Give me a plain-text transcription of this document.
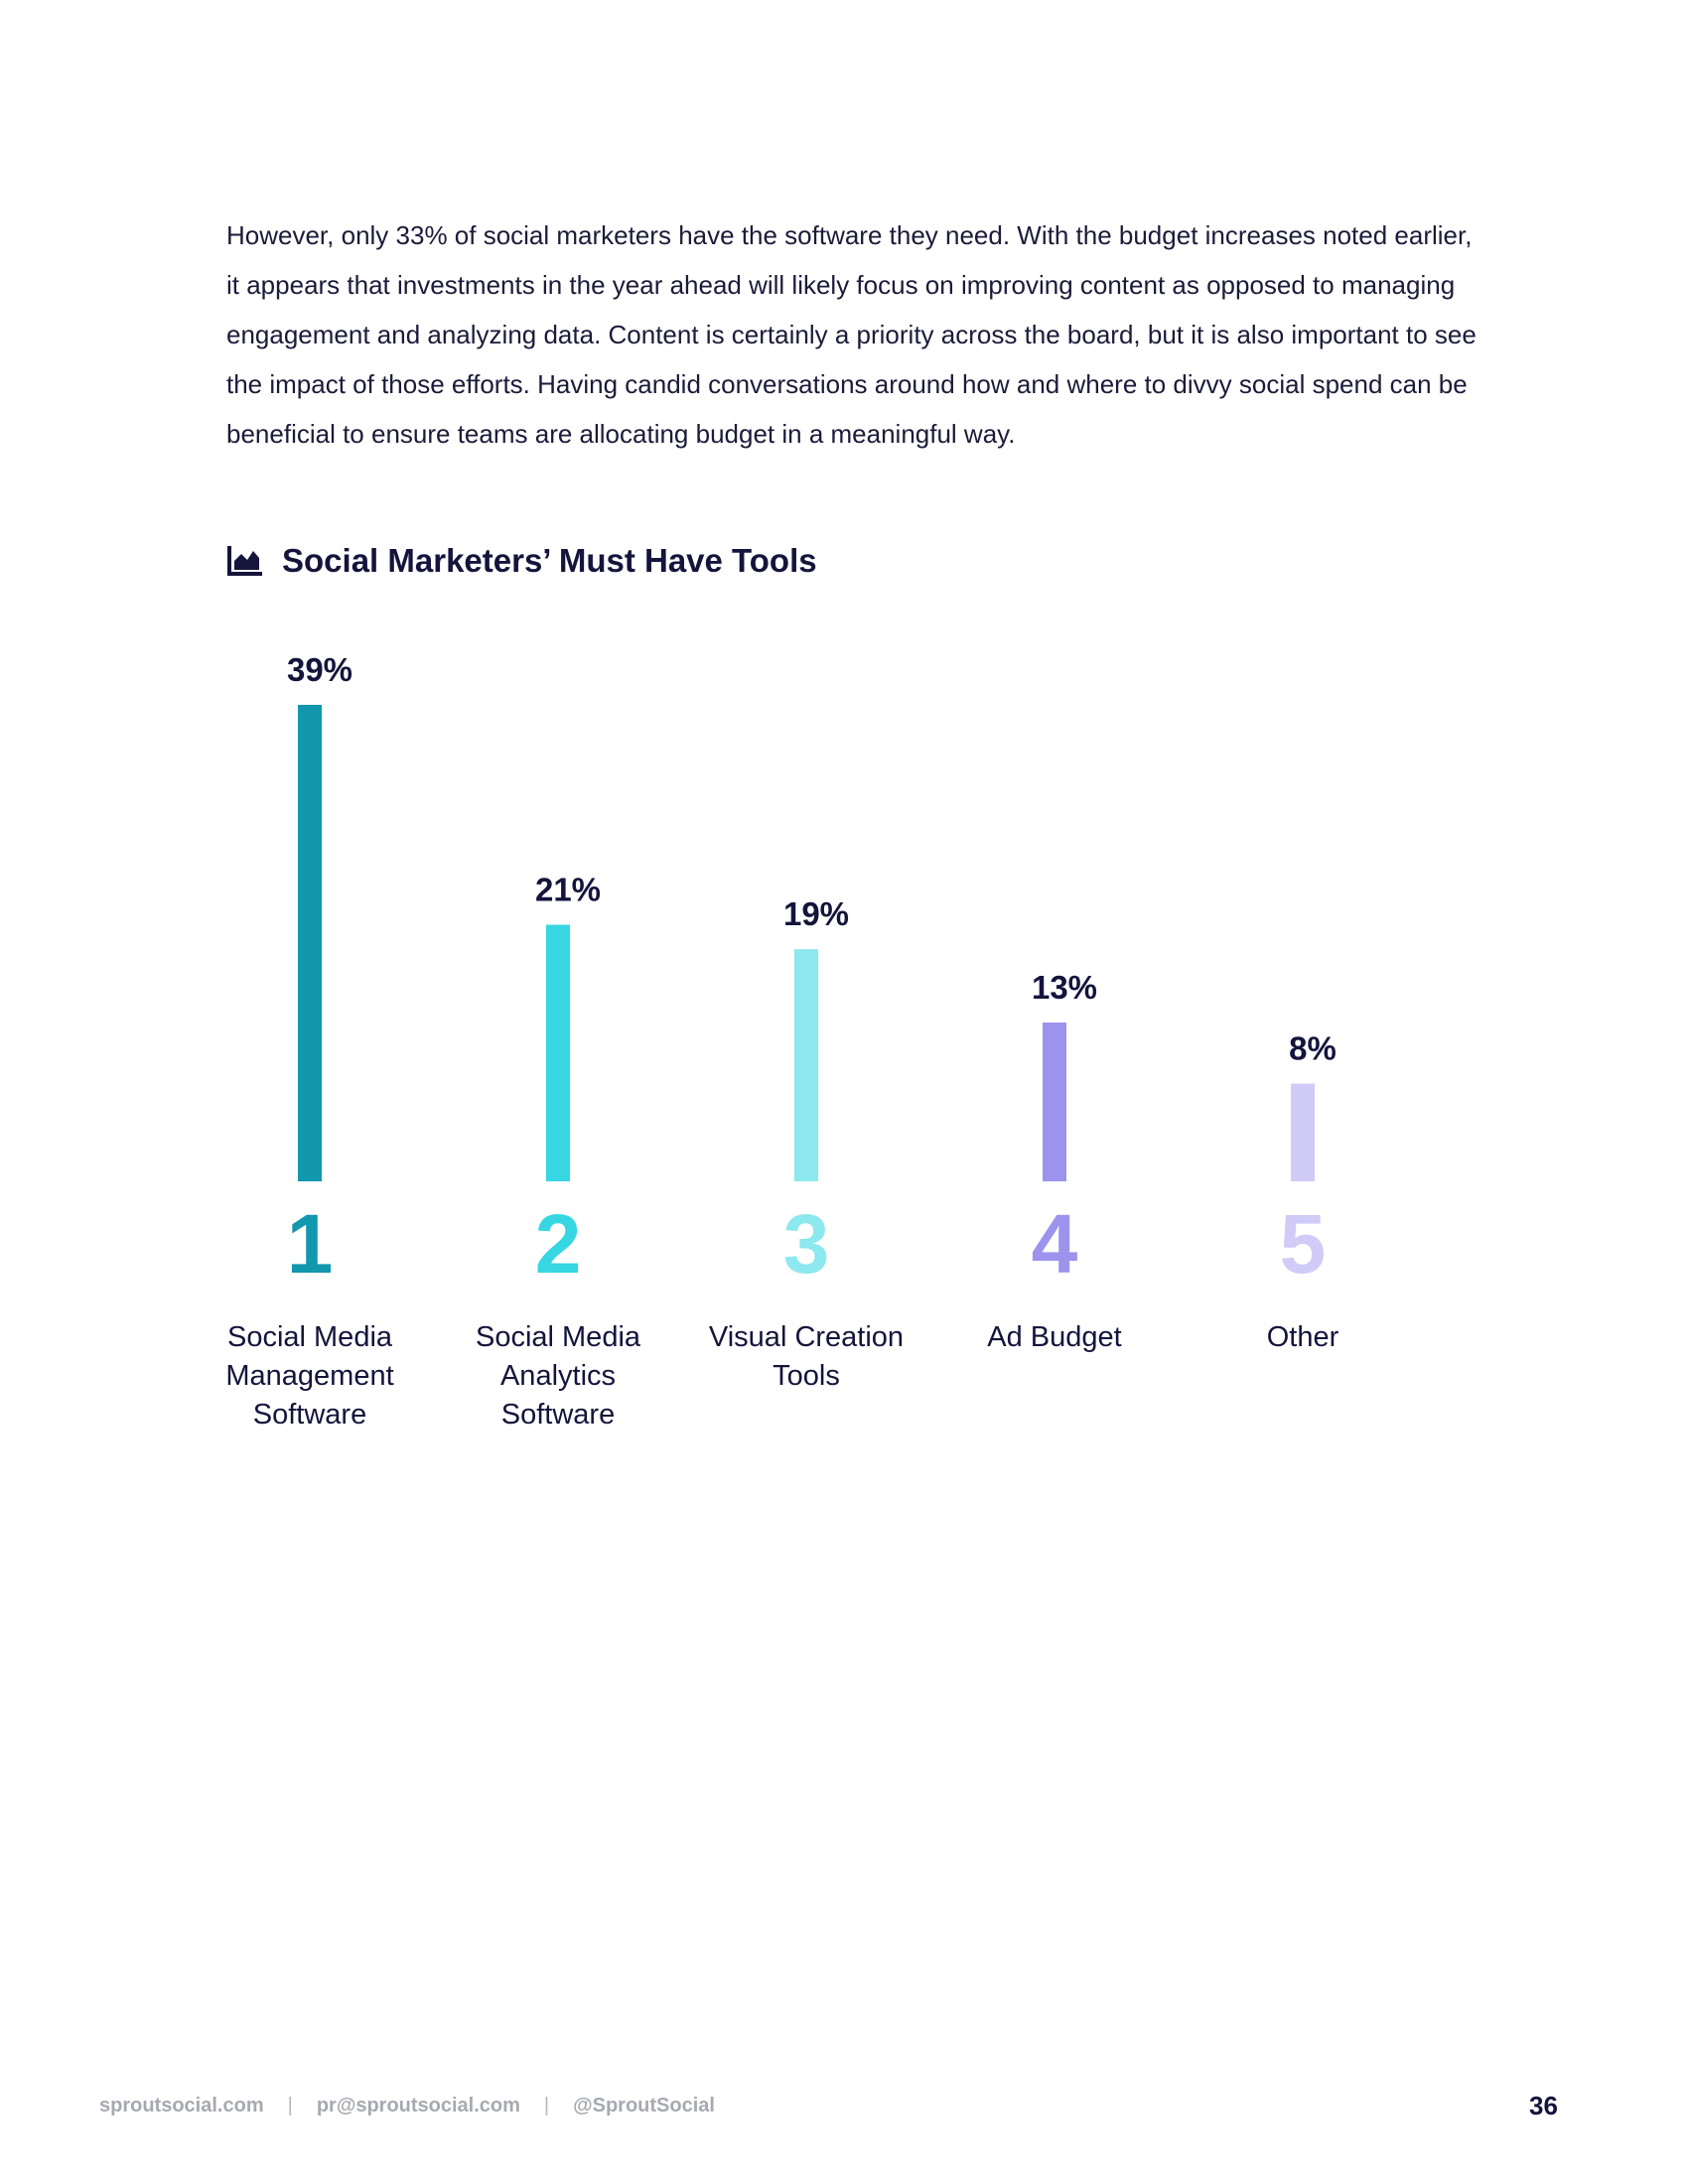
However, only 33% of social marketers have the software they need. With the budget increases noted earlier, it appears that investments in the year ahead will likely focus on improving content as opposed to managing engagement and analyzing data. Content is certainly a priority across the board, but it is also important to see the impact of those efforts. Having candid conversations around how and where to divvy social spend can be beneficial to ensure teams are allocating budget in a meaningful way.

Social Marketers’ Must Have Tools
39%
1
Social Media
Management
Software
21%
2
Social Media
Analytics
Software
19%
3
Visual Creation
Tools
13%
4
Ad Budget
8%
5
Other
sproutsocial.com | pr@sproutsocial.com | @SproutSocial	36
